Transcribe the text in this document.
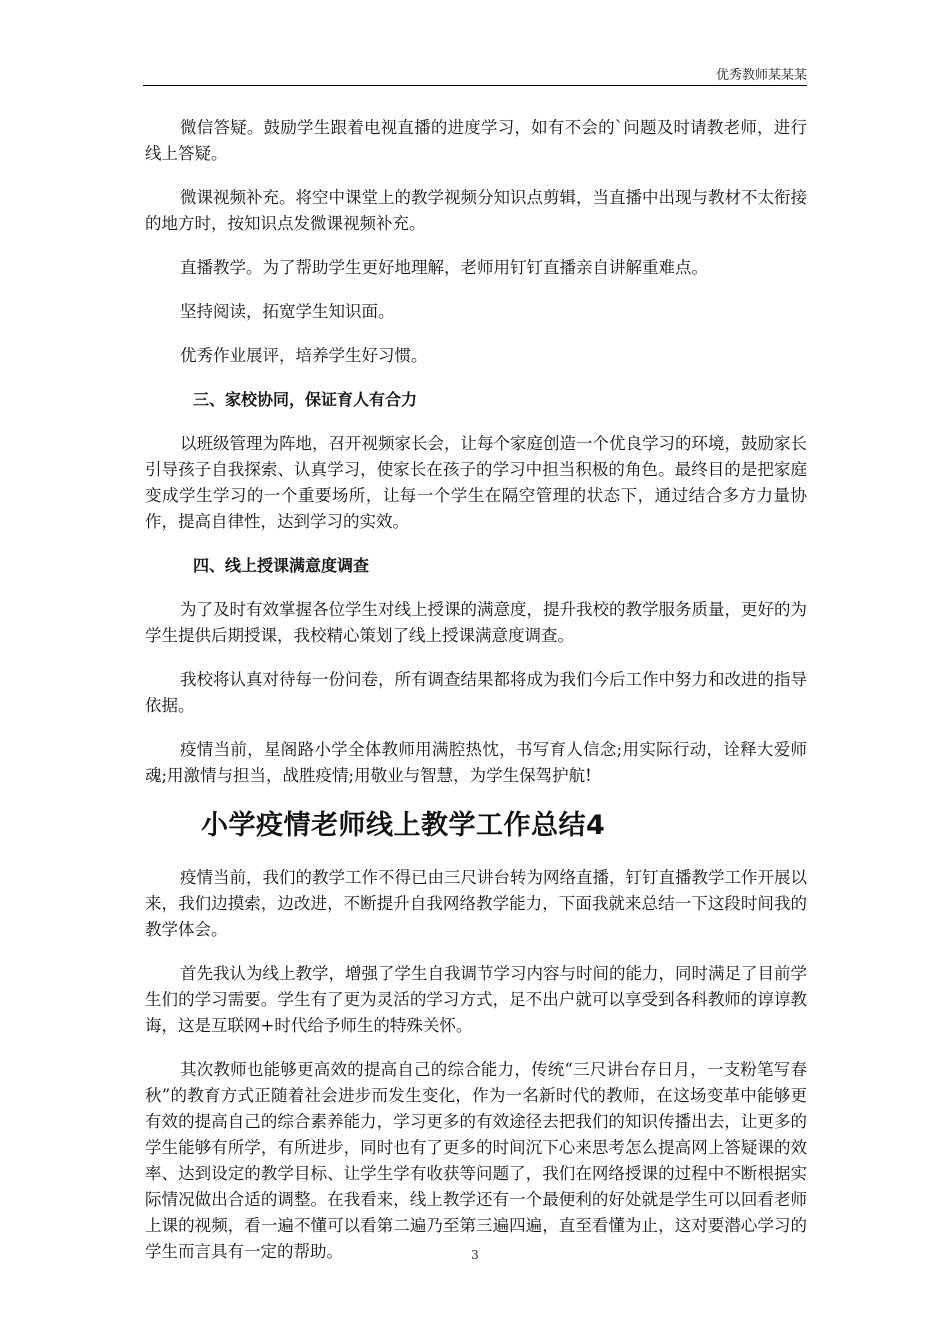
优秀教师某某某

微信答疑。鼓励学生跟着电视直播的进度学习，如有不会的`问题及时请教老师，进行线上答疑。

微课视频补充。将空中课堂上的教学视频分知识点剪辑，当直播中出现与教材不太衔接的地方时，按知识点发微课视频补充。

直播教学。为了帮助学生更好地理解，老师用钉钉直播亲自讲解重难点。

坚持阅读，拓宽学生知识面。

优秀作业展评，培养学生好习惯。

三、家校协同，保证育人有合力

以班级管理为阵地，召开视频家长会，让每个家庭创造一个优良学习的环境，鼓励家长引导孩子自我探索、认真学习，使家长在孩子的学习中担当积极的角色。最终目的是把家庭变成学生学习的一个重要场所，让每一个学生在隔空管理的状态下，通过结合多方力量协作，提高自律性，达到学习的实效。

四、线上授课满意度调查

为了及时有效掌握各位学生对线上授课的满意度，提升我校的教学服务质量，更好的为学生提供后期授课，我校精心策划了线上授课满意度调查。

我校将认真对待每一份问卷，所有调查结果都将成为我们今后工作中努力和改进的指导依据。

疫情当前，星阁路小学全体教师用满腔热忱，书写育人信念;用实际行动，诠释大爱师魂;用激情与担当，战胜疫情;用敬业与智慧，为学生保驾护航!

小学疫情老师线上教学工作总结4

疫情当前，我们的教学工作不得已由三尺讲台转为网络直播，钉钉直播教学工作开展以来，我们边摸索，边改进，不断提升自我网络教学能力，下面我就来总结一下这段时间我的教学体会。

首先我认为线上教学，增强了学生自我调节学习内容与时间的能力，同时满足了目前学生们的学习需要。学生有了更为灵活的学习方式，足不出户就可以享受到各科教师的谆谆教诲，这是互联网+时代给予师生的特殊关怀。

其次教师也能够更高效的提高自己的综合能力，传统“三尺讲台存日月，一支粉笔写春秋”的教育方式正随着社会进步而发生变化，作为一名新时代的教师，在这场变革中能够更有效的提高自己的综合素养能力，学习更多的有效途径去把我们的知识传播出去，让更多的学生能够有所学，有所进步，同时也有了更多的时间沉下心来思考怎么提高网上答疑课的效率、达到设定的教学目标、让学生学有收获等问题了，我们在网络授课的过程中不断根据实际情况做出合适的调整。在我看来，线上教学还有一个最便利的好处就是学生可以回看老师上课的视频，看一遍不懂可以看第二遍乃至第三遍四遍，直至看懂为止，这对要潜心学习的学生而言具有一定的帮助。	3
